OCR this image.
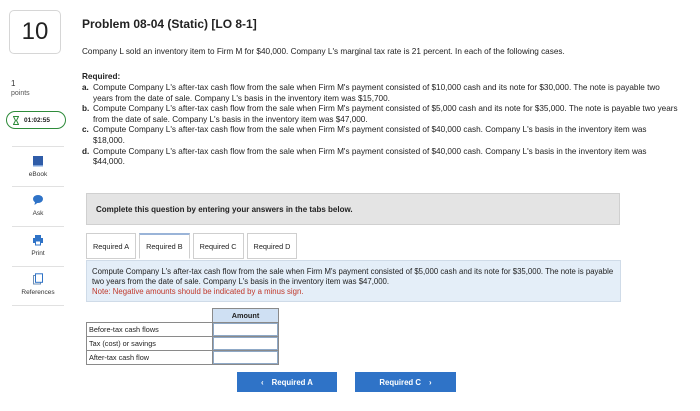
10
1
points
01:02:55
eBook
Ask
Print
References
Problem 08-04 (Static) [LO 8-1]
Company L sold an inventory item to Firm M for $40,000. Company L's marginal tax rate is 21 percent. In each of the following cases.
Required:
a. Compute Company L's after-tax cash flow from the sale when Firm M's payment consisted of $10,000 cash and its note for $30,000. The note is payable two years from the date of sale. Company L's basis in the inventory item was $15,700.
b. Compute Company L's after-tax cash flow from the sale when Firm M's payment consisted of $5,000 cash and its note for $35,000. The note is payable two years from the date of sale. Company L's basis in the inventory item was $47,000.
c. Compute Company L's after-tax cash flow from the sale when Firm M's payment consisted of $40,000 cash. Company L's basis in the inventory item was $18,000.
d. Compute Company L's after-tax cash flow from the sale when Firm M's payment consisted of $40,000 cash. Company L's basis in the inventory item was $44,000.
Complete this question by entering your answers in the tabs below.
Required A	Required B	Required C	Required D
Compute Company L's after-tax cash flow from the sale when Firm M's payment consisted of $5,000 cash and its note for $35,000. The note is payable two years from the date of sale. Company L's basis in the inventory item was $47,000.
Note: Negative amounts should be indicated by a minus sign.
	Amount
Before-tax cash flows	
Tax (cost) or savings	
After-tax cash flow	
‹ Required A	Required C ›
